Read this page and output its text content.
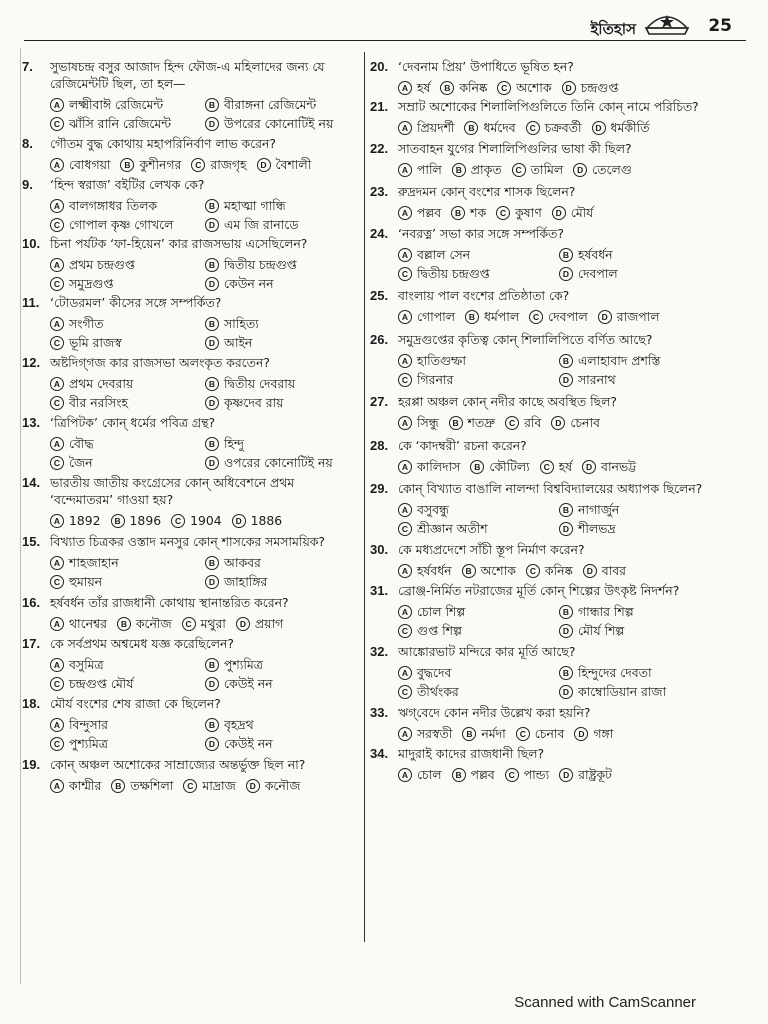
ইতিহাস	25
7. সুভাষচন্দ্র বসুর আজাদ হিন্দ ফৌজ-এ মহিলাদের জন্য যে রেজিমেন্টটি ছিল, তা হল—
A লক্ষ্মীবাঈ রেজিমেন্ট	B বীরাঙ্গনা রেজিমেন্ট
C ঝাঁসি রানি রেজিমেন্ট	D উপরের কোনোটিই নয়
8. গৌতম বুদ্ধ কোথায় মহাপরিনির্বাণ লাভ করেন?
A বোধগয়া	B কুশীনগর	C রাজগৃহ	D বৈশালী
9. ‘হিন্দ স্বরাজ’ বইটির লেখক কে?
A বালগঙ্গাধর তিলক	B মহাত্মা গান্ধি
C গোপাল কৃষ্ণ গোখলে	D এম জি রানাডে
10. চিনা পর্যটক ‘ফা-হিয়েন’ কার রাজসভায় এসেছিলেন?
A প্রথম চন্দ্রগুপ্ত	B দ্বিতীয় চন্দ্রগুপ্ত
C সমুদ্রগুপ্ত	D কেউন নন
11. ‘টোডরমল’ কীসের সঙ্গে সম্পর্কিত?
A সংগীত	B সাহিত্য
C ভূমি রাজস্ব	D আইন
12. অষ্টদিগ্‌গজ কার রাজসভা অলংকৃত করতেন?
A প্রথম দেবরায়	B দ্বিতীয় দেবরায়
C বীর নরসিংহ	D কৃষ্ণদেব রায়
13. ‘ত্রিপিটক’ কোন্ ধর্মের পবিত্র গ্রন্থ?
A বৌদ্ধ	B হিন্দু
C জৈন	D ওপরের কোনোটিই নয়
14. ভারতীয় জাতীয় কংগ্রেসের কোন্ অধিবেশনে প্রথম ‘বন্দেমাতরম’ গাওয়া হয়?
A 1892	B 1896	C 1904	D 1886
15. বিখ্যাত চিত্রকর ওস্তাদ মনসুর কোন্ শাসকের সমসাময়িক?
A শাহজাহান	B আকবর
C হুমায়ন	D জাহাঙ্গির
16. হর্ষবর্ধন তাঁর রাজধানী কোথায় স্থানান্তরিত করেন?
A থানেশ্বর	B কনৌজ	C মথুরা	D প্রয়াগ
17. কে সর্বপ্রথম অশ্বমেধ যজ্ঞ করেছিলেন?
A বসুমিত্র	B পুশ্যমিত্র
C চন্দ্রগুপ্ত মৌর্য	D কেউই নন
18. মৌর্য বংশের শেষ রাজা কে ছিলেন?
A বিন্দুসার	B বৃহদ্রথ
C পুশ্যমিত্র	D কেউই নন
19. কোন্ অঞ্চল অশোকের সাম্রাজ্যের অন্তর্ভুক্ত ছিল না?
A কাশ্মীর	B তক্ষশিলা	C মাদ্রাজ	D কনৌজ
20. ‘দেবনাম প্রিয়’ উপাধিতে ভূষিত হন?
A হর্ষ	B কনিষ্ক	C অশোক	D চন্দ্রগুপ্ত
21. সম্রাট অশোকের শিলালিপিগুলিতে তিনি কোন্ নামে পরিচিত?
A প্রিয়দর্শী	B ধর্মদেব	C চক্রবর্তী	D ধর্মকীর্তি
22. সাতবাহন যুগের শিলালিপিগুলির ভাষা কী ছিল?
A পালি	B প্রাকৃত	C তামিল	D তেলেগু
23. রুদ্রদমন কোন্ বংশের শাসক ছিলেন?
A পল্লব	B শক	C কুষাণ	D মৌর্য
24. ‘নবরত্ন’ সভা কার সঙ্গে সম্পর্কিত?
A বল্লাল সেন	B হর্ষবর্ধন
C দ্বিতীয় চন্দ্রগুপ্ত	D দেবপাল
25. বাংলায় পাল বংশের প্রতিষ্ঠাতা কে?
A গোপাল	B ধর্মপাল	C দেবপাল	D রাজপাল
26. সমুদ্রগুপ্তের কৃতিত্ব কোন্ শিলালিপিতে বর্ণিত আছে?
A হাতিগুম্ফা	B এলাহাবাদ প্রশস্তি
C গিরনার	D সারনাথ
27. হরপ্পা অঞ্চল কোন্ নদীর কাছে অবস্থিত ছিল?
A সিন্ধু	B শতদ্রু	C রবি	D চেনাব
28. কে ‘কাদম্বরী’ রচনা করেন?
A কালিদাস	B কৌটিল্য	C হর্ষ	D বানভট্ট
29. কোন্ বিখ্যাত বাঙালি নালন্দা বিশ্ববিদ্যালয়ের অধ্যাপক ছিলেন?
A বসুবন্ধু	B নাগার্জুন
C শ্রীজ্ঞান অতীশ	D শীলভদ্র
30. কে মধ্যপ্রদেশে সাঁচী স্তূপ নির্মাণ করেন?
A হর্ষবর্ধন	B অশোক	C কনিষ্ক	D বাবর
31. ব্রোঞ্জ-নির্মিত নটরাজের মূর্তি কোন্ শিল্পের উৎকৃষ্ট নিদর্শন?
A চোল শিল্প	B গান্ধার শিল্প
C গুপ্ত শিল্প	D মৌর্য শিল্প
32. আঙ্কোরভাট মন্দিরে কার মূর্তি আছে?
A বুদ্ধদেব	B হিন্দুদের দেবতা
C তীর্থংকর	D কাম্বোডিয়ান রাজা
33. ঋগ্‌বেদে কোন নদীর উল্লেখ করা হয়নি?
A সরস্বতী	B নর্মদা	C চেনাব	D গঙ্গা
34. মাদুরাই কাদের রাজধানী ছিল?
A চোল	B পল্লব	C পান্ড্য	D রাষ্ট্রকূট
Scanned with CamScanner
